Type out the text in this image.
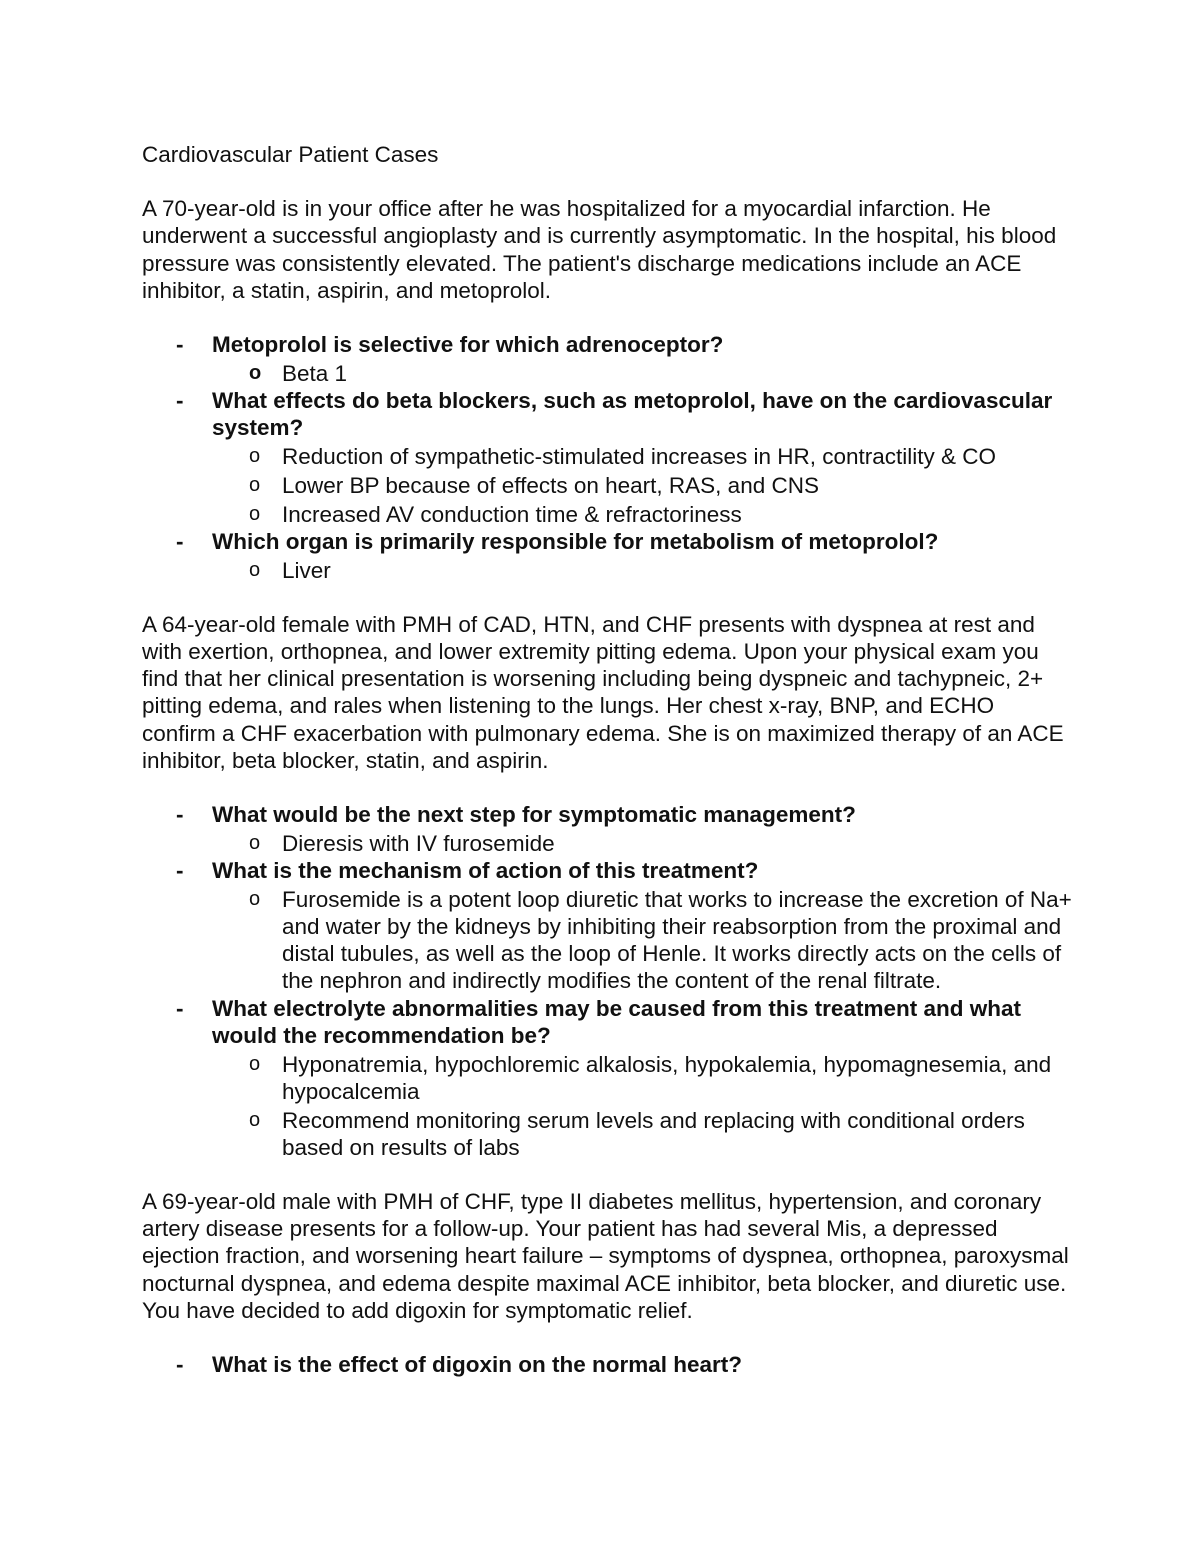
Cardiovascular Patient Cases

A 70-year-old is in your office after he was hospitalized for a myocardial infarction. He underwent a successful angioplasty and is currently asymptomatic. In the hospital, his blood pressure was consistently elevated. The patient's discharge medications include an ACE inhibitor, a statin, aspirin, and metoprolol.

- Metoprolol is selective for which adrenoceptor?
o Beta 1
- What effects do beta blockers, such as metoprolol, have on the cardiovascular system?
o Reduction of sympathetic-stimulated increases in HR, contractility & CO
o Lower BP because of effects on heart, RAS, and CNS
o Increased AV conduction time & refractoriness
- Which organ is primarily responsible for metabolism of metoprolol?
o Liver

A 64-year-old female with PMH of CAD, HTN, and CHF presents with dyspnea at rest and with exertion, orthopnea, and lower extremity pitting edema. Upon your physical exam you find that her clinical presentation is worsening including being dyspneic and tachypneic, 2+ pitting edema, and rales when listening to the lungs. Her chest x-ray, BNP, and ECHO confirm a CHF exacerbation with pulmonary edema. She is on maximized therapy of an ACE inhibitor, beta blocker, statin, and aspirin.

- What would be the next step for symptomatic management?
o Dieresis with IV furosemide
- What is the mechanism of action of this treatment?
o Furosemide is a potent loop diuretic that works to increase the excretion of Na+ and water by the kidneys by inhibiting their reabsorption from the proximal and distal tubules, as well as the loop of Henle. It works directly acts on the cells of the nephron and indirectly modifies the content of the renal filtrate.
- What electrolyte abnormalities may be caused from this treatment and what would the recommendation be?
o Hyponatremia, hypochloremic alkalosis, hypokalemia, hypomagnesemia, and hypocalcemia
o Recommend monitoring serum levels and replacing with conditional orders based on results of labs

A 69-year-old male with PMH of CHF, type II diabetes mellitus, hypertension, and coronary artery disease presents for a follow-up. Your patient has had several Mis, a depressed ejection fraction, and worsening heart failure – symptoms of dyspnea, orthopnea, paroxysmal nocturnal dyspnea, and edema despite maximal ACE inhibitor, beta blocker, and diuretic use. You have decided to add digoxin for symptomatic relief.

- What is the effect of digoxin on the normal heart?
